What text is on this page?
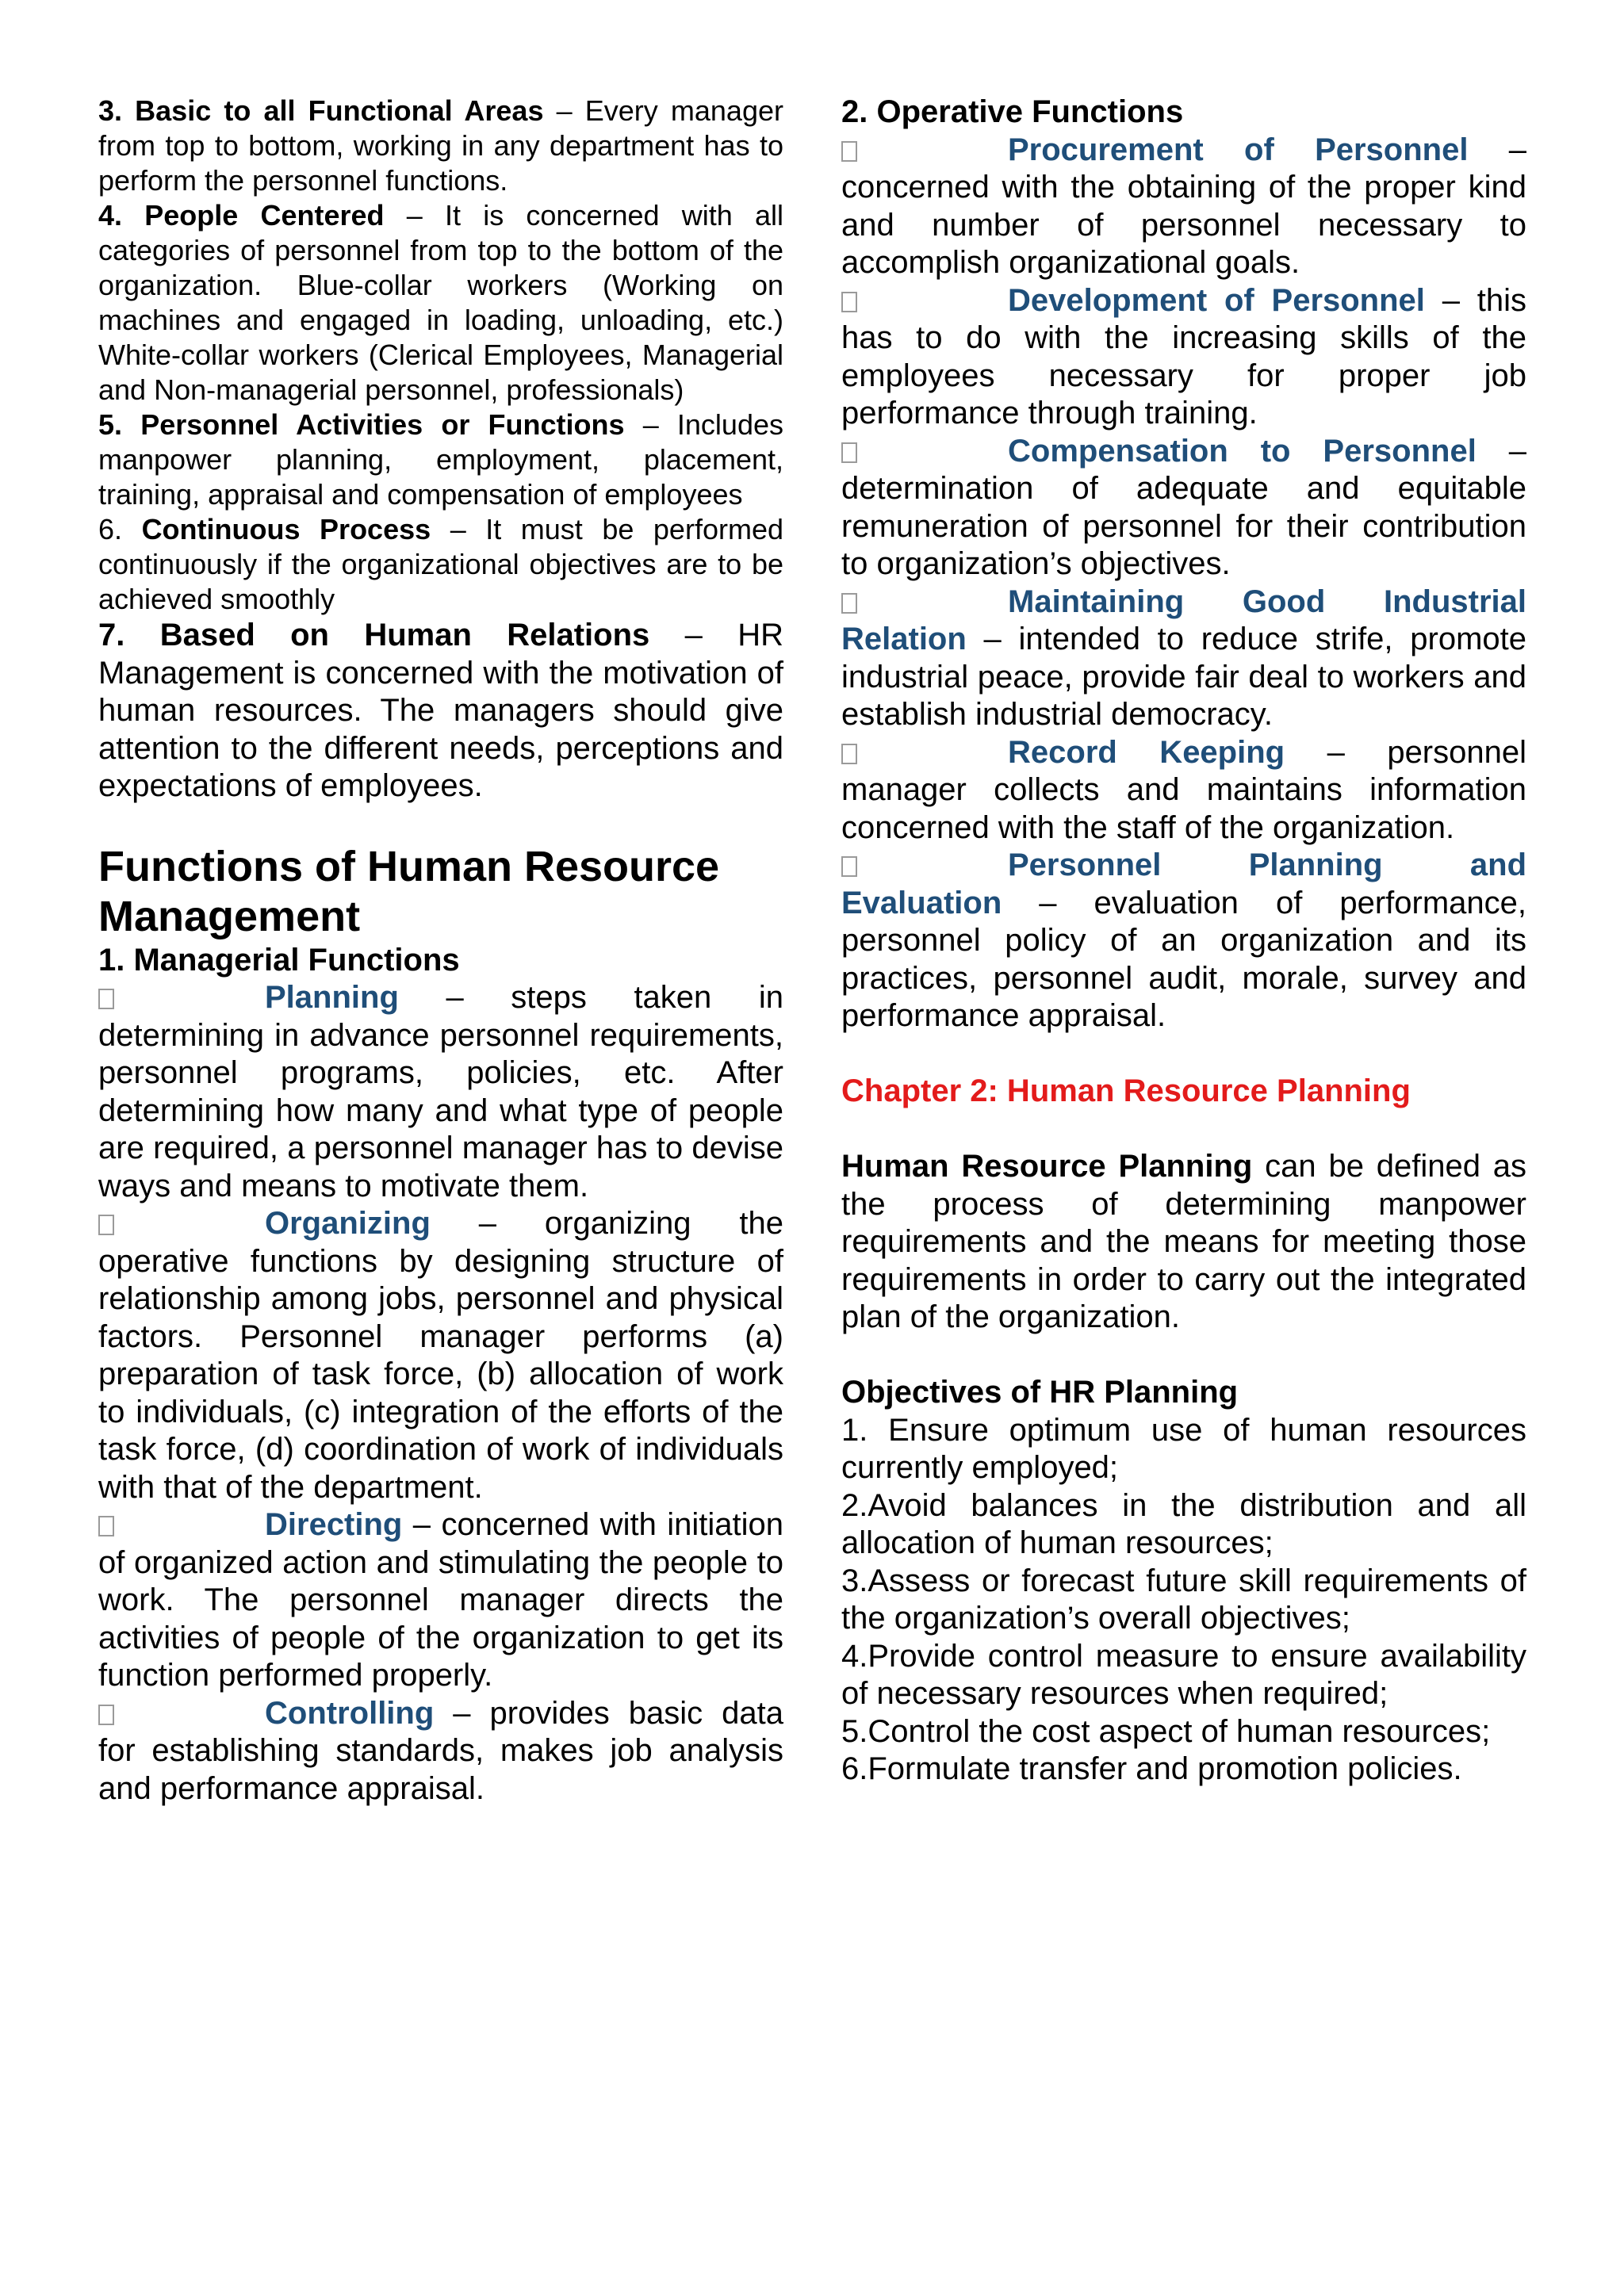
3. Basic to all Functional Areas – Every manager from top to bottom, working in any department has to perform the personnel functions.

4. People Centered – It is concerned with all categories of personnel from top to the bottom of the organization. Blue-collar workers (Working on machines and engaged in loading, unloading, etc.) White-collar workers (Clerical Employees, Managerial and Non-managerial personnel, professionals)

5. Personnel Activities or Functions – Includes manpower planning, employment, placement, training, appraisal and compensation of employees

6. Continuous Process – It must be performed continuously if the organizational objectives are to be achieved smoothly

7. Based on Human Relations – HR Management is concerned with the motivation of human resources. The managers should give attention to the different needs, perceptions and expectations of employees.

Functions of Human Resource Management
1. Managerial Functions

Planning – steps taken in determining in advance personnel requirements, personnel programs, policies, etc. After determining how many and what type of people are required, a personnel manager has to devise ways and means to motivate them.

Organizing – organizing the operative functions by designing structure of relationship among jobs, personnel and physical factors. Personnel manager performs (a) preparation of task force, (b) allocation of work to individuals, (c) integration of the efforts of the task force, (d) coordination of work of individuals with that of the department.

Directing – concerned with initiation of organized action and stimulating the people to work. The personnel manager directs the activities of people of the organization to get its function performed properly.

Controlling – provides basic data for establishing standards, makes job analysis and performance appraisal.

2. Operative Functions

Procurement of Personnel – concerned with the obtaining of the proper kind and number of personnel necessary to accomplish organizational goals.

Development of Personnel – this has to do with the increasing skills of the employees necessary for proper job performance through training.

Compensation to Personnel – determination of adequate and equitable remuneration of personnel for their contribution to organization’s objectives.

Maintaining Good Industrial Relation – intended to reduce strife, promote industrial peace, provide fair deal to workers and establish industrial democracy.

Record Keeping – personnel manager collects and maintains information concerned with the staff of the organization.

Personnel Planning and Evaluation – evaluation of performance, personnel policy of an organization and its practices, personnel audit, morale, survey and performance appraisal.

Chapter 2: Human Resource Planning

Human Resource Planning can be defined as the process of determining manpower requirements and the means for meeting those requirements in order to carry out the integrated plan of the organization.

Objectives of HR Planning

1. Ensure optimum use of human resources currently employed;

2.Avoid balances in the distribution and all allocation of human resources;

3.Assess or forecast future skill requirements of the organization’s overall objectives;

4.Provide control measure to ensure availability of necessary resources when required;

5.Control the cost aspect of human resources;

6.Formulate transfer and promotion policies.
